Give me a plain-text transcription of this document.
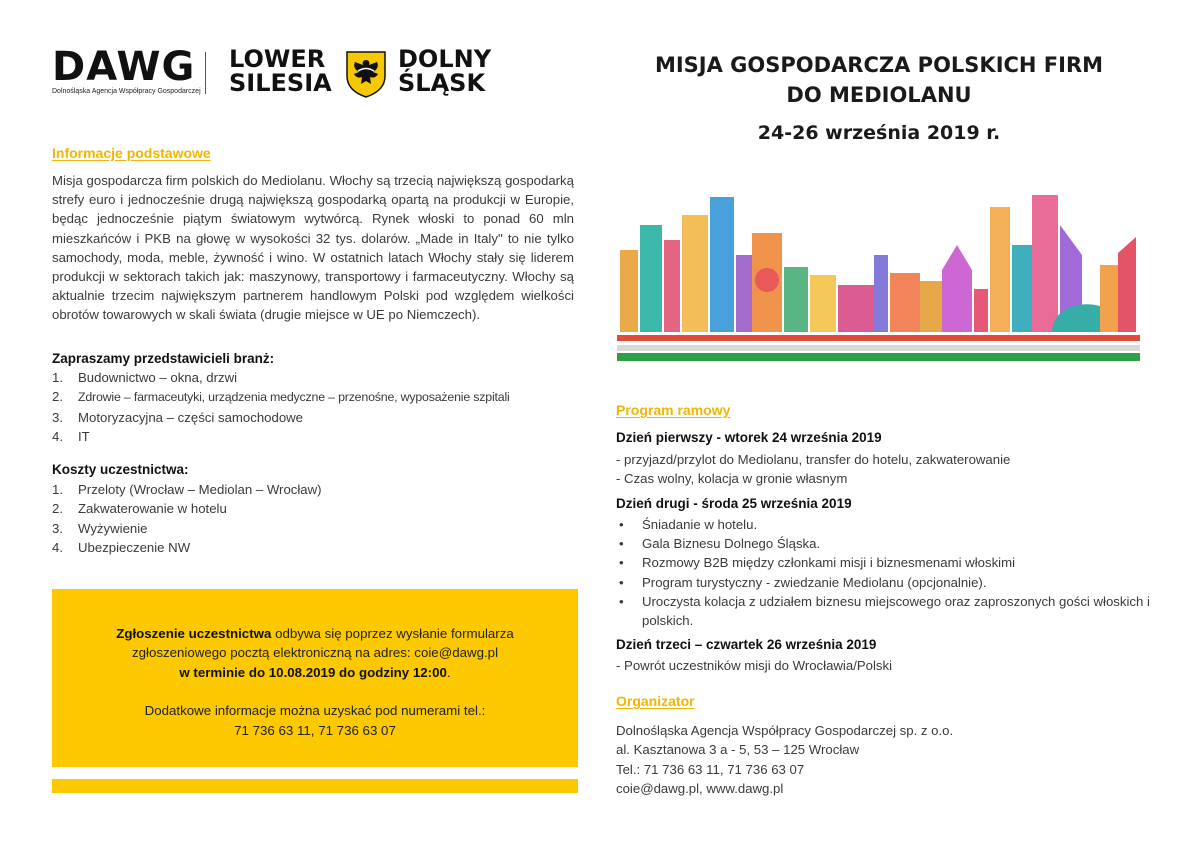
DAWG
Dolnośląska Agencja Współpracy Gospodarczej
LOWER
SILESIA
DOLNY
ŚLĄSK
MISJA GOSPODARCZA POLSKICH FIRM
DO MEDIOLANU
24-26 września 2019 r.
Informacje podstawowe
Misja gospodarcza firm polskich do Mediolanu. Włochy są trzecią największą gospodarką strefy euro i jednocześnie drugą największą gospodarką opartą na produkcji w Europie, będąc jednocześnie piątym światowym wytwórcą. Rynek włoski to ponad 60 mln mieszkańców i PKB na głowę w wysokości 32 tys. dolarów. „Made in Italy" to nie tylko samochody, moda, meble, żywność i wino. W ostatnich latach Włochy stały się liderem produkcji w sektorach takich jak: maszynowy, transportowy i farmaceutyczny. Włochy są aktualnie trzecim największym partnerem handlowym Polski pod względem wielkości obrotów towarowych w skali świata (drugie miejsce w UE po Niemczech).
Zapraszamy przedstawicieli branż:
1. Budownictwo – okna, drzwi
2. Zdrowie – farmaceutyki, urządzenia medyczne – przenośne, wyposażenie szpitali
3. Motoryzacyjna – części samochodowe
4. IT
Koszty uczestnictwa:
1. Przeloty (Wrocław – Mediolan – Wrocław)
2. Zakwaterowanie w hotelu
3. Wyżywienie
4. Ubezpieczenie NW
Zgłoszenie uczestnictwa odbywa się poprzez wysłanie formularza
zgłoszeniowego pocztą elektroniczną na adres: coie@dawg.pl
w terminie do 10.08.2019 do godziny 12:00.
Dodatkowe informacje można uzyskać pod numerami tel.:
71 736 63 11, 71 736 63 07
Program ramowy
Dzień pierwszy - wtorek 24 września 2019
- przyjazd/przylot do Mediolanu, transfer do hotelu, zakwaterowanie
- Czas wolny, kolacja w gronie własnym
Dzień drugi - środa 25 września 2019
• Śniadanie w hotelu.
• Gala Biznesu Dolnego Śląska.
• Rozmowy B2B między członkami misji i biznesmenami włoskimi
• Program turystyczny - zwiedzanie Mediolanu (opcjonalnie).
• Uroczysta kolacja z udziałem biznesu miejscowego oraz zaproszonych gości włoskich i polskich.
Dzień trzeci – czwartek 26 września 2019
- Powrót uczestników misji do Wrocławia/Polski
Organizator
Dolnośląska Agencja Współpracy Gospodarczej sp. z o.o.
al. Kasztanowa 3 a - 5, 53 – 125 Wrocław
Tel.: 71 736 63 11, 71 736 63 07
coie@dawg.pl, www.dawg.pl
